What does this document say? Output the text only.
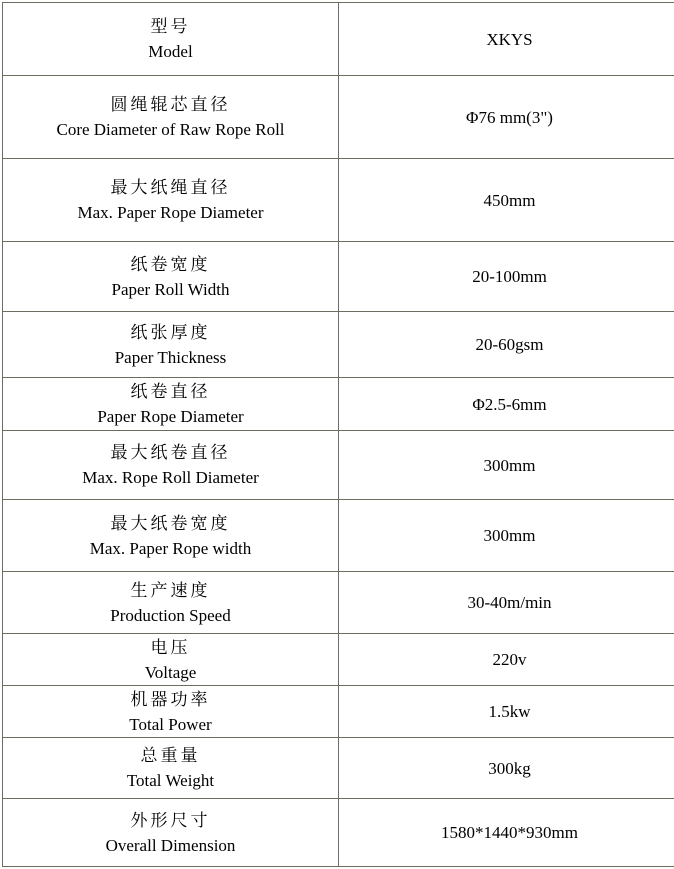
型号
Model	XKYS

圆绳辊芯直径
Core Diameter of Raw Rope Roll	Φ76 mm(3")

最大纸绳直径
Max. Paper Rope Diameter	450mm

纸卷宽度
Paper Roll Width	20-100mm

纸张厚度
Paper Thickness	20-60gsm

纸卷直径
Paper Rope Diameter	Φ2.5-6mm

最大纸卷直径
Max. Rope Roll Diameter	300mm

最大纸卷宽度
Max. Paper Rope width	300mm

生产速度
Production Speed	30-40m/min

电压
Voltage	220v

机器功率
Total Power	1.5kw

总重量
Total Weight	300kg

外形尺寸
Overall Dimension	1580*1440*930mm
